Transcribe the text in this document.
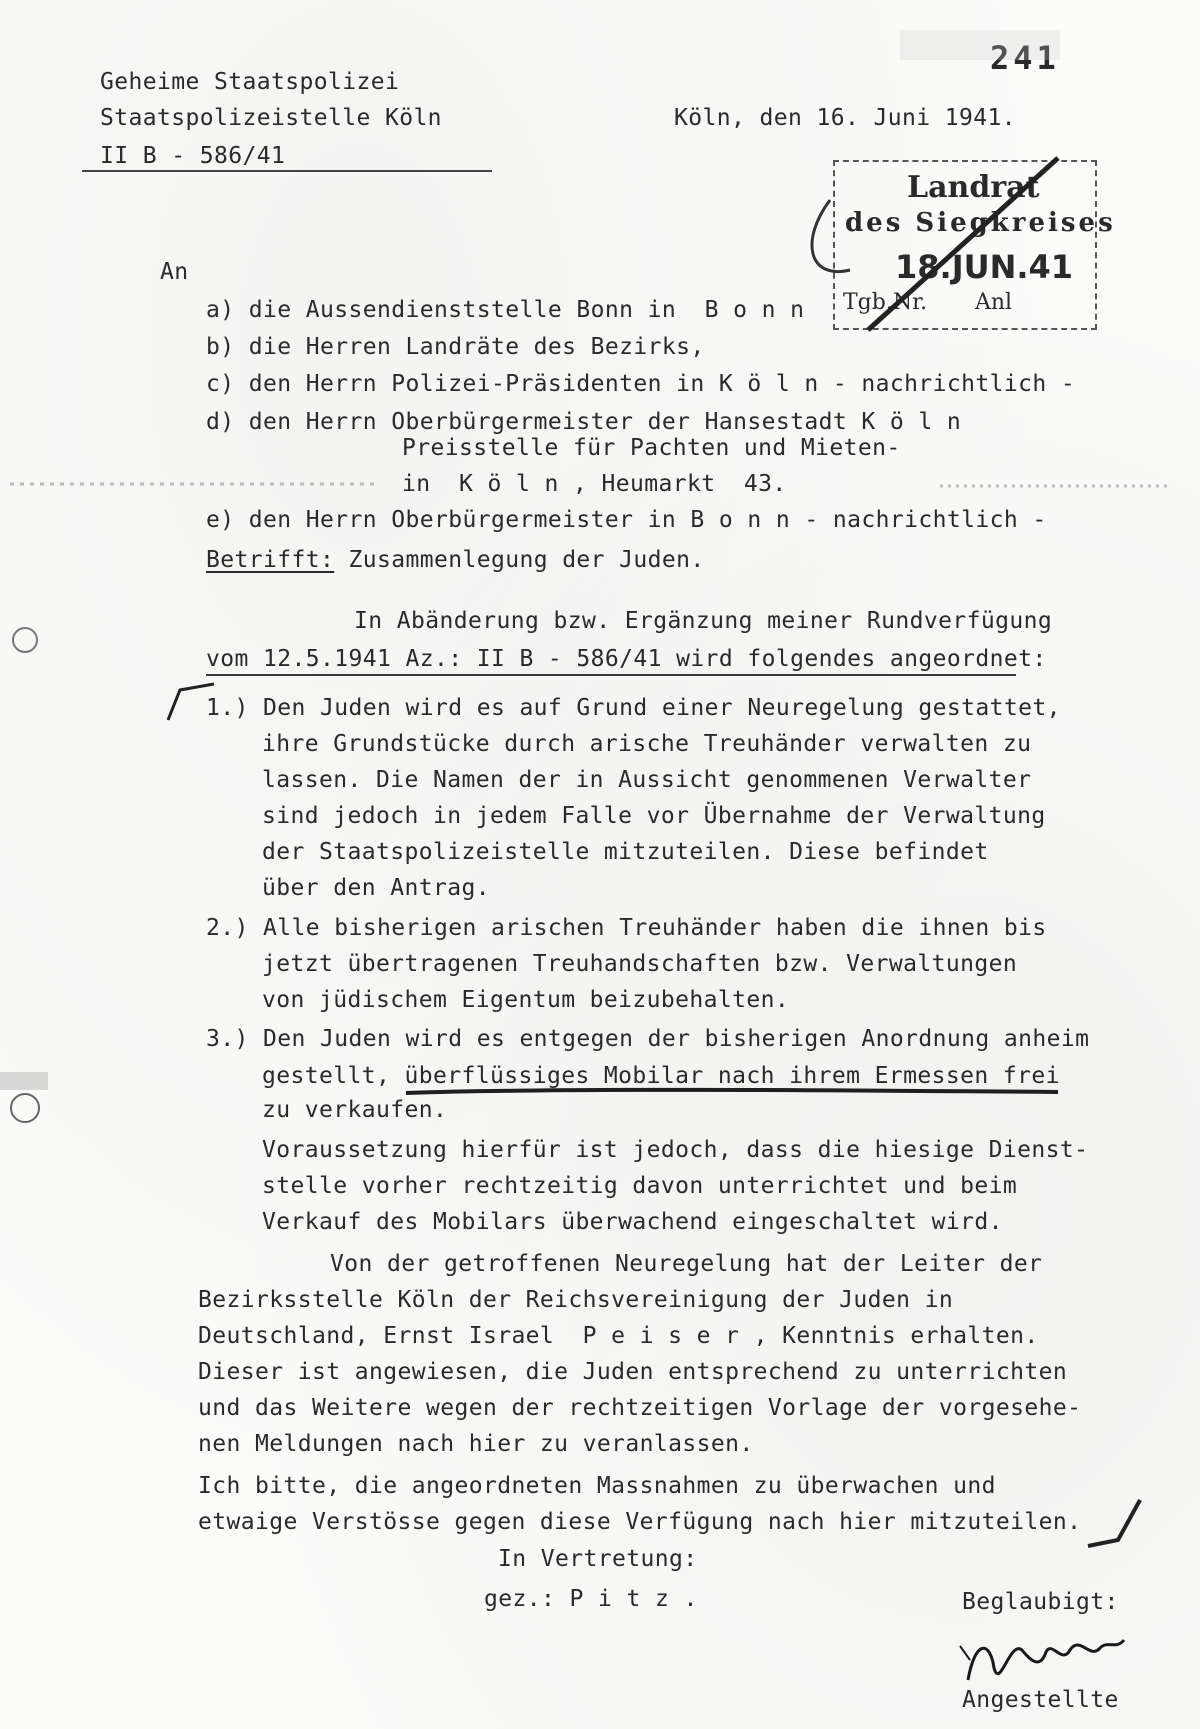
Geheime Staatspolizei
Staatspolizeistelle Köln
II B - 586/41
241
Köln, den 16. Juni 1941.
Landrat
des Siegkreises
18.JUN.41
Tgb.Nr. Anl
An
a) die Aussendienststelle Bonn in  B o n n
b) die Herren Landräte des Bezirks,
c) den Herrn Polizei-Präsidenten in K ö l n - nachrichtlich -
d) den Herrn Oberbürgermeister der Hansestadt K ö l n
Preisstelle für Pachten und Mieten-
in  K ö l n , Heumarkt  43.
e) den Herrn Oberbürgermeister in B o n n - nachrichtlich -
Betrifft: Zusammenlegung der Juden.
In Abänderung bzw. Ergänzung meiner Rundverfügung
vom 12.5.1941 Az.: II B - 586/41 wird folgendes angeordnet:
1.) Den Juden wird es auf Grund einer Neuregelung gestattet,
ihre Grundstücke durch arische Treuhänder verwalten zu
lassen. Die Namen der in Aussicht genommenen Verwalter
sind jedoch in jedem Falle vor Übernahme der Verwaltung
der Staatspolizeistelle mitzuteilen. Diese befindet
über den Antrag.
2.) Alle bisherigen arischen Treuhänder haben die ihnen bis
jetzt übertragenen Treuhandschaften bzw. Verwaltungen
von jüdischem Eigentum beizubehalten.
3.) Den Juden wird es entgegen der bisherigen Anordnung anheim
gestellt, überflüssiges Mobilar nach ihrem Ermessen frei
zu verkaufen.
Voraussetzung hierfür ist jedoch, dass die hiesige Dienst-
stelle vorher rechtzeitig davon unterrichtet und beim
Verkauf des Mobilars überwachend eingeschaltet wird.
Von der getroffenen Neuregelung hat der Leiter der
Bezirksstelle Köln der Reichsvereinigung der Juden in
Deutschland, Ernst Israel  P e i s e r , Kenntnis erhalten.
Dieser ist angewiesen, die Juden entsprechend zu unterrichten
und das Weitere wegen der rechtzeitigen Vorlage der vorgesehe-
nen Meldungen nach hier zu veranlassen.
Ich bitte, die angeordneten Massnahmen zu überwachen und
etwaige Verstösse gegen diese Verfügung nach hier mitzuteilen.
In Vertretung:
gez.: P i t z .	Beglaubigt:
Angestellte
